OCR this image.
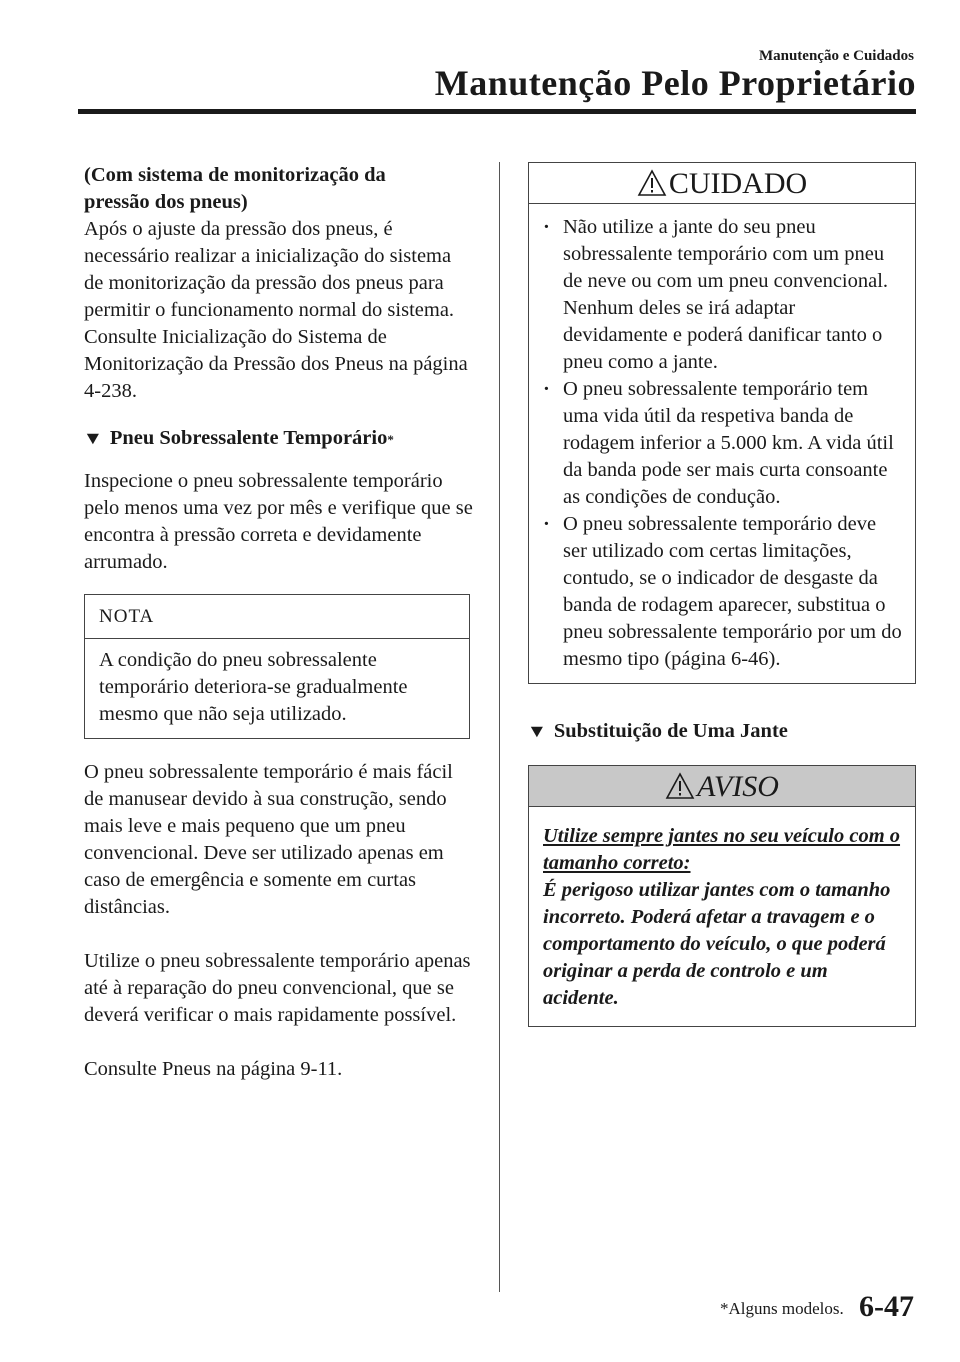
Manutenção e Cuidados
Manutenção Pelo Proprietário

(Com sistema de monitorização da

pressão dos pneus)

Após o ajuste da pressão dos pneus, é necessário realizar a inicialização do sistema de monitorização da pressão dos pneus para permitir o funcionamento normal do sistema.

Consulte Inicialização do Sistema de Monitorização da Pressão dos Pneus na página 4-238.

▼ Pneu Sobressalente Temporário *

Inspecione o pneu sobressalente temporário pelo menos uma vez por mês e verifique que se encontra à pressão correta e devidamente arrumado.

NOTA
A condição do pneu sobressalente temporário deteriora-se gradualmente mesmo que não seja utilizado.

O pneu sobressalente temporário é mais fácil de manusear devido à sua construção, sendo mais leve e mais pequeno que um pneu convencional. Deve ser utilizado apenas em caso de emergência e somente em curtas distâncias.

Utilize o pneu sobressalente temporário apenas até à reparação do pneu convencional, que se deverá verificar o mais rapidamente possível.

Consulte Pneus na página 9-11.

CUIDADO
· Não utilize a jante do seu pneu sobressalente temporário com um pneu de neve ou com um pneu convencional. Nenhum deles se irá adaptar devidamente e poderá danificar tanto o pneu como a jante.
· O pneu sobressalente temporário tem uma vida útil da respetiva banda de rodagem inferior a 5.000 km. A vida útil da banda pode ser mais curta consoante as condições de condução.
· O pneu sobressalente temporário deve ser utilizado com certas limitações, contudo, se o indicador de desgaste da banda de rodagem aparecer, substitua o pneu sobressalente temporário por um do mesmo tipo (página 6-46).
▼ Substituição de Uma Jante
AVISO

Utilize sempre jantes no seu veículo com o tamanho correto:

É perigoso utilizar jantes com o tamanho incorreto. Poderá afetar a travagem e o comportamento do veículo, o que poderá originar a perda de controlo e um acidente.

*Alguns modelos. 6-47
